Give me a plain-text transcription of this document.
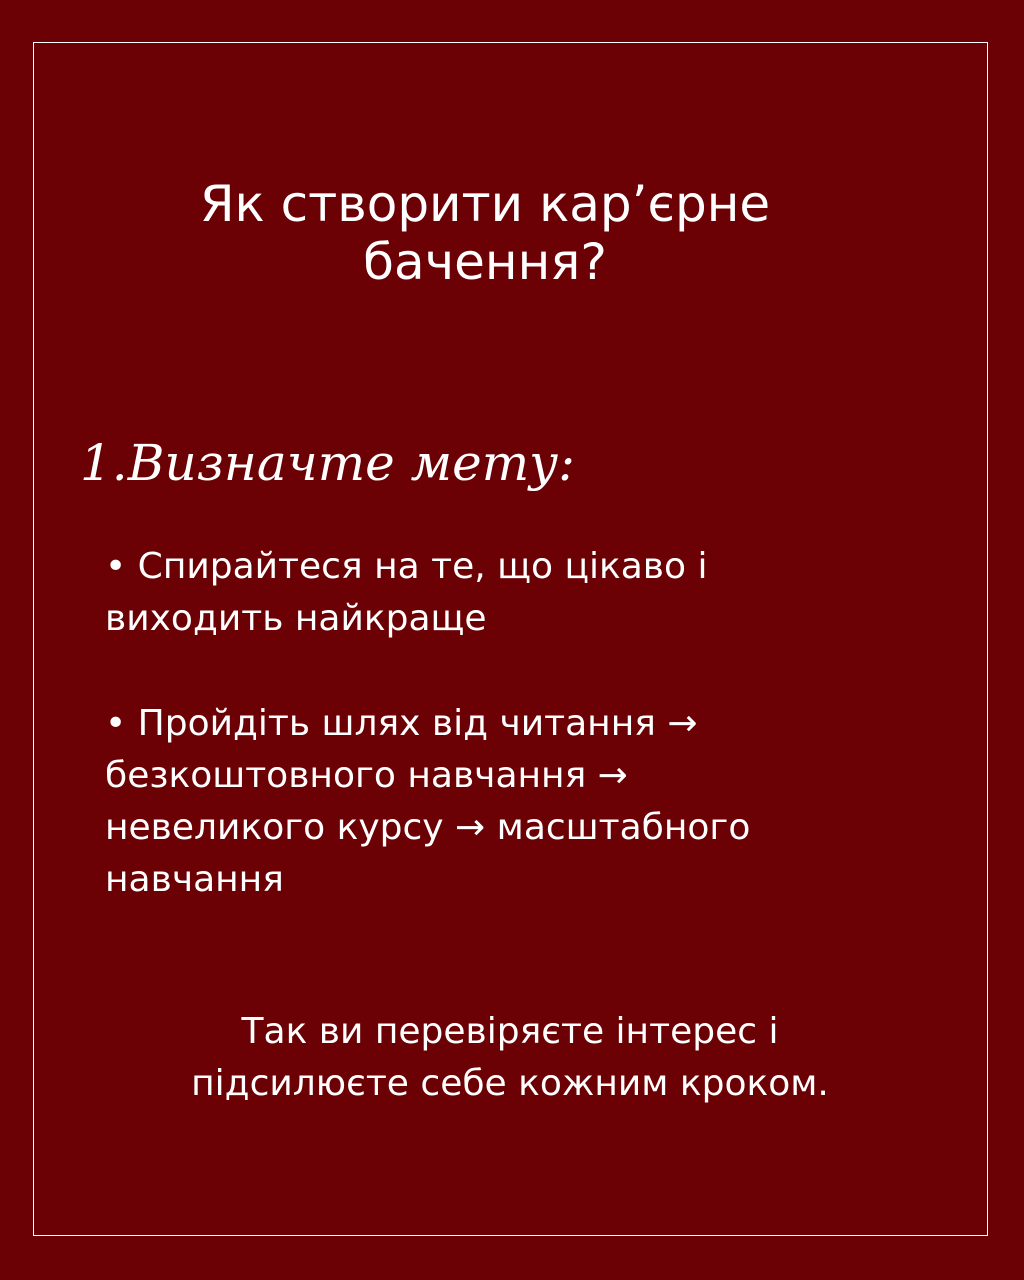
Як створити кар’єрне
бачення?
1.Визначте мету:
• Спирайтеся на те, що цікаво і
виходить найкраще
• Пройдіть шлях від читання →
безкоштовного навчання →
невеликого курсу → масштабного
навчання

Так ви перевіряєте інтерес і
підсилюєте себе кожним кроком.
